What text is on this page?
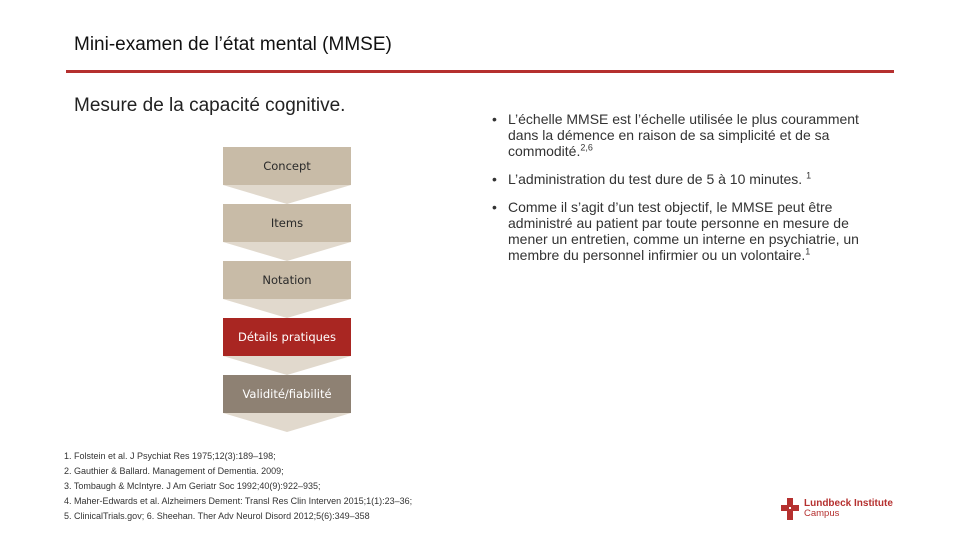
Mini-examen de l’état mental (MMSE)
Mesure de la capacité cognitive.
Concept
Items
Notation
Détails pratiques
Validité/fiabilité
• L’échelle MMSE est l’échelle utilisée le plus couramment dans la démence en raison de sa simplicité et de sa commodité.$^{2,6}$
• L’administration du test dure de 5 à 10 minutes. $^1$
• Comme il s’agit d’un test objectif, le MMSE peut être administré au patient par toute personne en mesure de mener un entretien, comme un interne en psychiatrie, un membre du personnel infirmier ou un volontaire.$^1$
1. Folstein et al. J Psychiat Res 1975;12(3):189–198;
2. Gauthier & Ballard. Management of Dementia. 2009;
3. Tombaugh & McIntyre. J Am Geriatr Soc 1992;40(9):922–935;
4. Maher-Edwards et al. Alzheimers Dement: Transl Res Clin Interven 2015;1(1):23–36;
5. ClinicalTrials.gov; 6. Sheehan. Ther Adv Neurol Disord 2012;5(6):349–358
Lundbeck Institute
Campus
